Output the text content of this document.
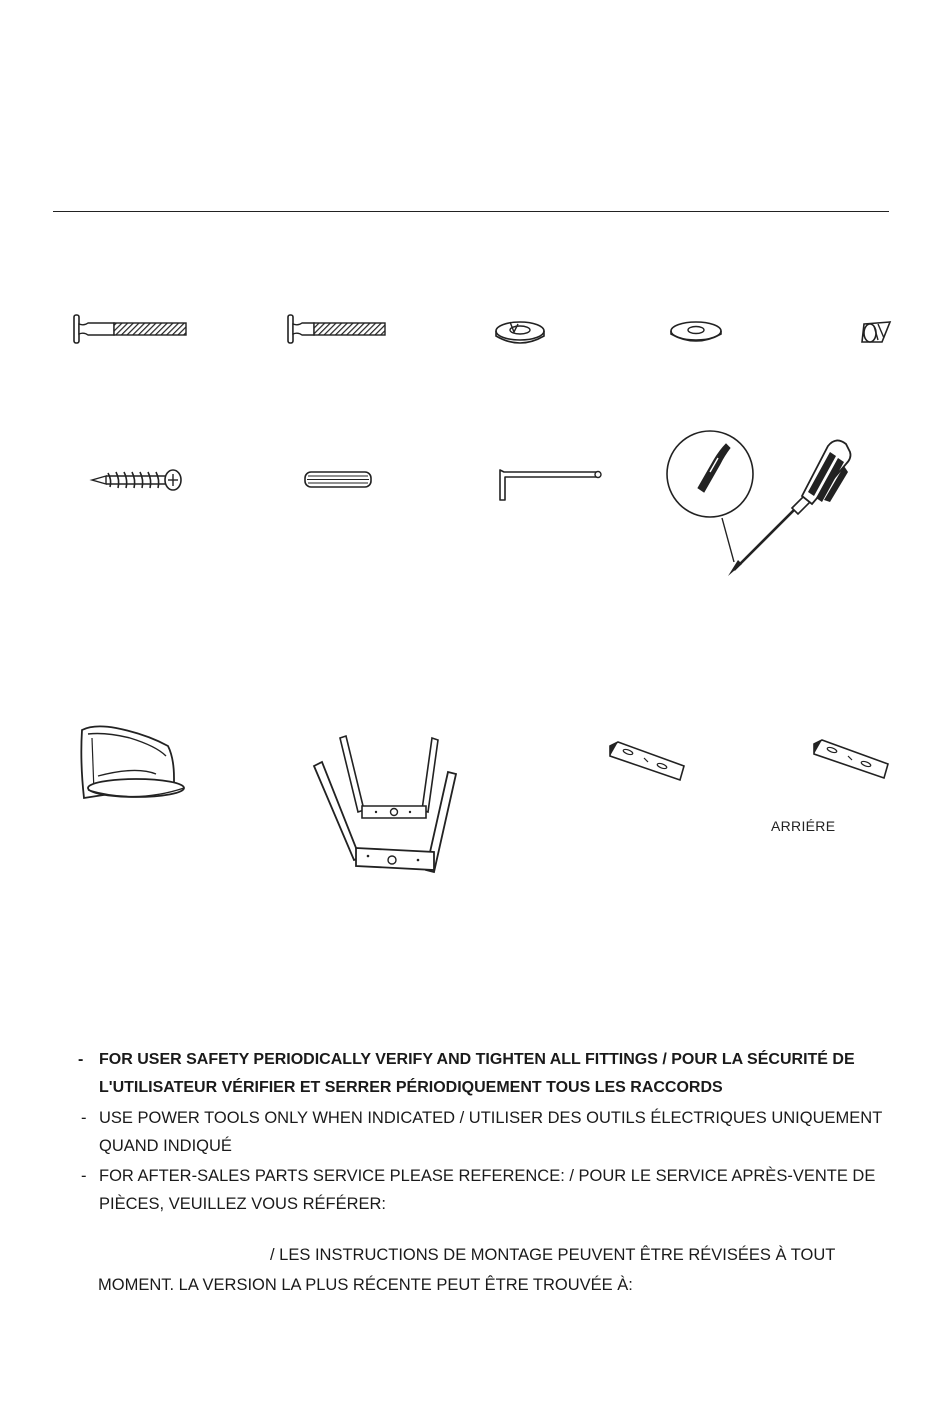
ARRIÉRE
- FOR USER SAFETY PERIODICALLY VERIFY AND TIGHTEN ALL FITTINGS / POUR LA SÉCURITÉ DE L'UTILISATEUR VÉRIFIER ET SERRER PÉRIODIQUEMENT TOUS LES RACCORDS
- USE POWER TOOLS ONLY WHEN INDICATED / UTILISER DES OUTILS ÉLECTRIQUES UNIQUEMENT QUAND INDIQUÉ
- FOR AFTER-SALES PARTS SERVICE PLEASE REFERENCE: / POUR LE SERVICE APRÈS-VENTE DE PIÈCES, VEUILLEZ VOUS RÉFÉRER:
/ LES INSTRUCTIONS DE MONTAGE PEUVENT ÊTRE RÉVISÉES À TOUT
MOMENT. LA VERSION LA PLUS RÉCENTE PEUT ÊTRE TROUVÉE À:
